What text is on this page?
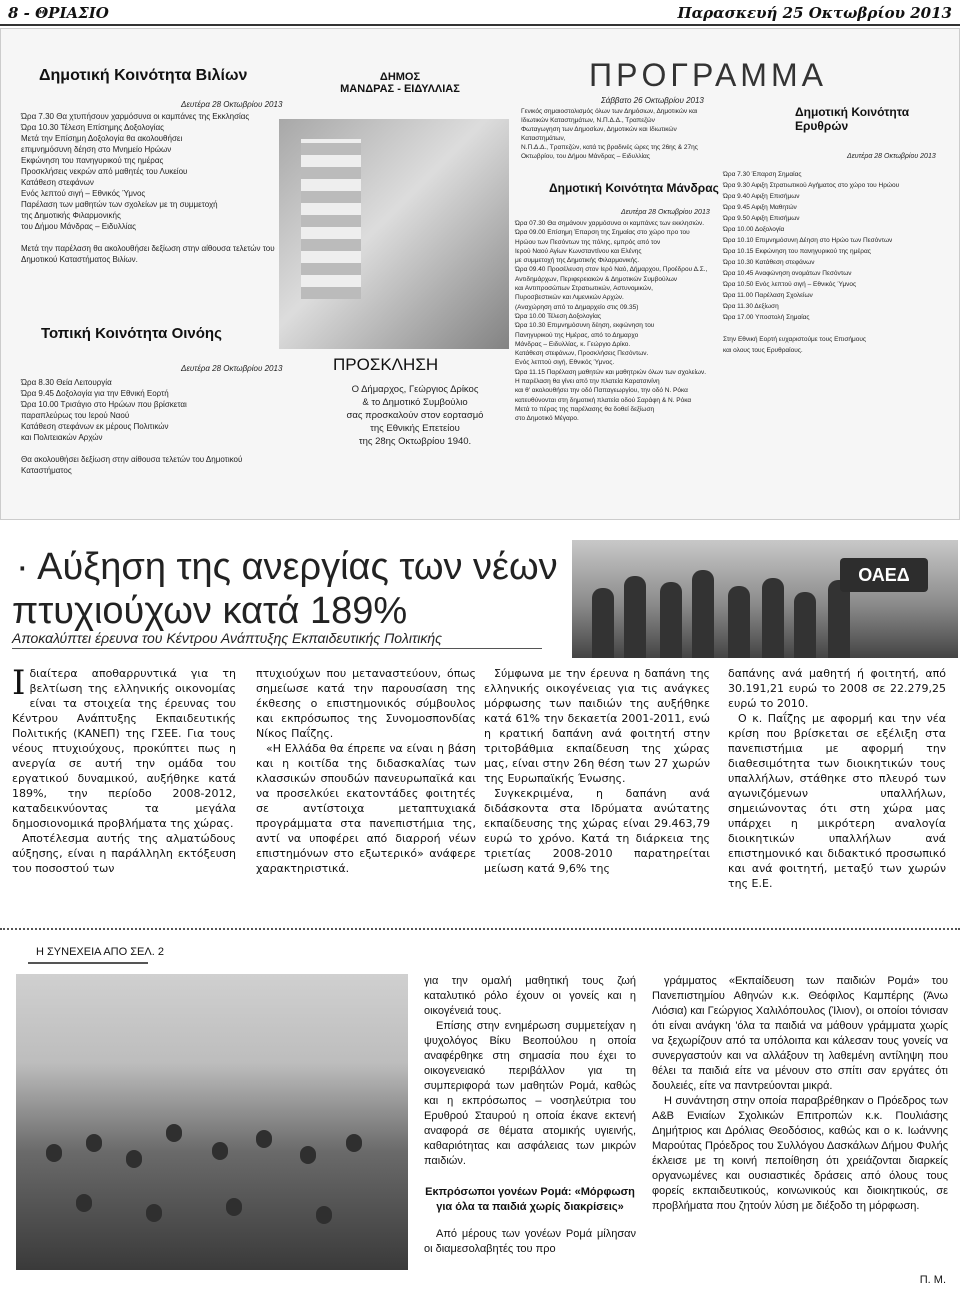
8 - ΘΡΙΑΣΙΟ	Παρασκευή 25 Οκτωβρίου 2013
Δημοτική Κοινότητα Βιλίων
Δευτέρα 28 Οκτωβρίου 2013
Ώρα 7.30 Θα χτυπήσουν χαρμόσυνα οι καμπάνες της Εκκλησίας
Ώρα 10.30 Τέλεση Επίσημης Δοξολογίας
Μετά την Επίσημη Δοξολογία θα ακολουθήσει
επιμνημόσυνη δέηση στο Μνημείο Ηρώων
Εκφώνηση του πανηγυρικού της ημέρας
Προσκλήσεις νεκρών από μαθητές του Λυκείου
Κατάθεση στεφάνων
Ενός λεπτού σιγή – Εθνικός Ύμνος
Παρέλαση των μαθητών των σχολείων με τη συμμετοχή
της Δημοτικής Φιλαρμονικής
του Δήμου Μάνδρας – Ειδυλλίας

Μετά την παρέλαση θα ακολουθήσει δεξίωση στην αίθουσα τελετών του
Δημοτικού Καταστήματος Βιλίων.
Τοπική Κοινότητα Οινόης
Δευτέρα 28 Οκτωβρίου 2013
Ώρα 8.30 Θεία Λειτουργία
Ώρα 9.45 Δοξολογία για την Εθνική Εορτή
Ώρα 10.00 Τρισάγιο στο Ηρώων που βρίσκεται
παραπλεύρως του Ιερού Ναού
Κατάθεση στεφάνων εκ μέρους Πολιτικών
και Πολιτειακών Αρχών

Θα ακολουθήσει δεξίωση στην αίθουσα τελετών του Δημοτικού
Καταστήματος
ΔΗΜΟΣ
ΜΑΝΔΡΑΣ - ΕΙΔΥΛΛΙΑΣ
ΠΡΟΣΚΛΗΣΗ
Ο Δήμαρχος, Γεώργιος Δρίκος
& το Δημοτικό Συμβούλιο
σας προσκαλούν στον εορτασμό
της Εθνικής Επετείου
της 28ης Οκτωβρίου 1940.
ΠΡΟΓΡΑΜΜΑ
Σάββατο 26 Οκτωβρίου 2013
Γενικός σημαιοστολισμός όλων των Δημόσιων, Δημοτικών και
Ιδιωτικών Καταστημάτων, Ν.Π.Δ.Δ., Τραπεζών
Φωταγωγηση των Δημοσίων, Δημοτικών και Ιδιωτικών Καταστημάτων,
Ν.Π.Δ.Δ., Τραπεζών, κατά τις βραδινές ώρες της 26ης & 27ης
Οκτωβρίου, του Δήμου Μάνδρας – Ειδυλλίας
Δημοτική Κοινότητα Μάνδρας
Δευτέρα 28 Οκτωβρίου 2013
Ώρα 07.30 Θα σημάνουν χαρμόσυνα οι καμπάνες των εκκλησιών.
Ώρα 09.00 Επίσημη Έπαρση της Σημαίας στο χώρο προ του
Ηρώου των Πεσόντων της πόλης, εμπρός από τον
Ιερού Ναού Αγίων Κωνσταντίνου και Ελένης
με συμμετοχή της Δημοτικής Φιλαρμονικής.
Ώρα 09.40 Προσέλευση στον Ιερό Ναό, Δήμαρχου, Προέδρου Δ.Σ.,
Αντιδημάρχων, Περιφερειακών & Δημοτικών Συμβούλων
και Αντιπροσώπων Στρατιωτικών, Αστυνομικών,
Πυροσβεστικών και Λιμενικών Αρχών.
(Αναχώρηση από το Δημαρχείο στις 09.35)
Ώρα 10.00 Τέλεση Δοξολογίας
Ώρα 10.30 Επιμνημόσυνη δέηση, εκφώνηση του
Πανηγυρικού της Ημέρας, από το Δημαρχο
Μάνδρας – Ειδυλλίας, κ. Γεώργιο Δρίκο.
Κατάθεση στεφάνων, Προσκλήσεις Πεσόντων.
Ενός λεπτού σιγή, Εθνικός Ύμνος.
Ώρα 11.15 Παρέλαση μαθητών και μαθητριών όλων των σχολείων.
Η παρέλαση θα γίνει από την πλατεία Καρατσινίνη
και θ' ακολουθήσει την οδό Παπαγεωργίου, την οδό Ν. Ρόκα
κατευθύνονται στη δημοτική πλατεία οδού Σαράφη & Ν. Ρόκα
Μετά το πέρας της παρέλασης θα δοθεί δεξίωση
στο Δημοτικό Μέγαρο.
Δημοτική Κοινότητα Ερυθρών
Δευτέρα 28 Οκτωβρίου 2013
Ώρα 7.30 Έπαρση Σημαίας
Ώρα 9.30 Αφιξη Στρατιωτικού Αγήματος στο χώρο του Ηρώου
Ώρα 9.40 Αφιξη Επισήμων
Ώρα 9.45 Αφιξη Μαθητών
Ώρα 9.50 Αφιξη Επισήμων
Ώρα 10.00 Δοξολογία
Ώρα 10.10 Επιμνημόσυνη Δέηση στο Ηρώο των Πεσόντων
Ώρα 10.15 Εκφώνηση του πανηγυρικού της ημέρας
Ώρα 10.30 Κατάθεση στεφάνων
Ώρα 10.45 Αναφώνηση ονομάτων Πεσόντων
Ώρα 10.50 Ενός λεπτού σιγή – Εθνικός Ύμνος
Ώρα 11.00 Παρέλαση Σχολείων
Ώρα 11.30 Δεξίωση
Ώρα 17.00 Υποστολή Σημαίας

Στην Εθνική Εορτή ευχαριστούμε τους Επισήμους
και ολους τους Ερυθραίους.
· Αύξηση της ανεργίας των νέων
πτυχιούχων κατά 189%
Αποκαλύπτει έρευνα του Κέντρου Ανάπτυξης Εκπαιδευτικής Πολιτικής
ΟΑΕΔ

Ιδιαίτερα αποθαρρυντικά για τη βελτίωση της ελληνικής οικονομίας είναι τα στοιχεία της έρευνας του Κέντρου Ανάπτυξης Εκπαιδευτικής Πολιτικής (ΚΑΝΕΠ) της ΓΣΕΕ. Για τους νέους πτυχιούχους, προκύπτει πως η ανεργία σε αυτή την ομάδα του εργατικού δυναμικού, αυξήθηκε κατά 189%, την περίοδο 2008-2012, καταδεικνύοντας τα μεγάλα δημοσιονομικά προβλήματα της χώρας.

Αποτέλεσμα αυτής της αλματώδους αύξησης, είναι η παράλληλη εκτόξευση του ποσοστού των

πτυχιούχων που μεταναστεύουν, όπως σημείωσε κατά την παρουσίαση της έκθεσης ο επιστημονικός σύμβουλος και εκπρόσωπος της Συνομοσπονδίας Νίκος Παΐζης.

«Η Ελλάδα θα έπρεπε να είναι η βάση και η κοιτίδα της διδασκαλίας των κλασσικών σπουδών πανευρωπαϊκά και να προσελκύει εκατοντάδες φοιτητές σε αντίστοιχα μεταπτυχιακά προγράμματα στα πανεπιστήμια της, αντί να υποφέρει από διαρροή νέων επιστημόνων στο εξωτερικό» ανάφερε χαρακτηριστικά.

Σύμφωνα με την έρευνα η δαπάνη της ελληνικής οικογένειας για τις ανάγκες μόρφωσης των παιδιών της αυξήθηκε κατά 61% την δεκαετία 2001-2011, ενώ η κρατική δαπάνη ανά φοιτητή στην τριτοβάθμια εκπαίδευση της χώρας μας, είναι στην 26η θέση των 27 χωρών της Ευρωπαϊκής Ένωσης.

Συγκεκριμένα, η δαπάνη ανά διδάσκοντα στα Ιδρύματα ανώτατης εκπαίδευσης της χώρας είναι 29.463,79 ευρώ το χρόνο. Κατά τη διάρκεια της τριετίας 2008-2010 παρατηρείται μείωση κατά 9,6% της

δαπάνης ανά μαθητή ή φοιτητή, από 30.191,21 ευρώ το 2008 σε 22.279,25 ευρώ το 2010.

Ο κ. Παΐζης με αφορμή και την νέα κρίση που βρίσκεται σε εξέλιξη στα πανεπιστήμια με αφορμή την διαθεσιμότητα των διοικητικών τους υπαλλήλων, στάθηκε στο πλευρό των αγωνιζόμενων υπαλλήλων, σημειώνοντας ότι στη χώρα μας υπάρχει η μικρότερη αναλογία διοικητικών υπαλλήλων ανά επιστημονικό και διδακτικό προσωπικό και ανά φοιτητή, μεταξύ των χωρών της Ε.Ε.

Η ΣΥΝΕΧΕΙΑ ΑΠΟ ΣΕΛ. 2

για την ομαλή μαθητική τους ζωή καταλυτικό ρόλο έχουν οι γονείς και η οικογένειά τους.

Επίσης στην ενημέρωση συμμετείχαν η ψυχολόγος Βίκυ Βεοπούλου η οποία αναφέρθηκε στη σημασία που έχει το οικογενειακό περιβάλλον για τη συμπεριφορά των μαθητών Ρομά, καθώς και η εκπρόσωπος – νοσηλεύτρια του Ερυθρού Σταυρού η οποία έκανε εκτενή αναφορά σε θέματα ατομικής υγιεινής, καθαριότητας και ασφάλειας των μικρών παιδιών.

Εκπρόσωποι γονέων Ρομά: «Μόρφωση για όλα τα παιδιά χωρίς διακρίσεις»

Από μέρους των γονέων Ρομά μίλησαν οι διαμεσολαβητές του προ

γράμματος «Εκπαίδευση των παιδιών Ρομά» του Πανεπιστημίου Αθηνών κ.κ. Θεόφιλος Καμπέρης (Άνω Λιόσια) και Γεώργιος Χαλιλόπουλος (Ίλιον), οι οποίοι τόνισαν ότι είναι ανάγκη 'όλα τα παιδιά να μάθουν γράμματα χωρίς να ξεχωρίζουν από τα υπόλοιπα και κάλεσαν τους γονείς να συνεργαστούν και να αλλάξουν τη λαθεμένη αντίληψη που θέλει τα παιδιά είτε να μένουν στο σπίτι σαν εργάτες ότι δουλειές, είτε να παντρεύονται μικρά.

Η συνάντηση στην οποία παραβρέθηκαν ο Πρόεδρος των Α&Β Ενιαίων Σχολικών Επιτροπών κ.κ. Πουλιάσης Δημήτριος και Δρόλιας Θεοδόσιος, καθώς και ο κ. Ιωάννης Μαρούτας Πρόεδρος του Συλλόγου Δασκάλων Δήμου Φυλής έκλεισε με τη κοινή πεποίθηση ότι χρειάζονται διαρκείς οργανωμένες και ουσιαστικές δράσεις από όλους τους φορείς εκπαιδευτικούς, κοινωνικούς και διοικητικούς, σε προβλήματα που ζητούν λύση με διέξοδο τη μόρφωση.

Π. Μ.
